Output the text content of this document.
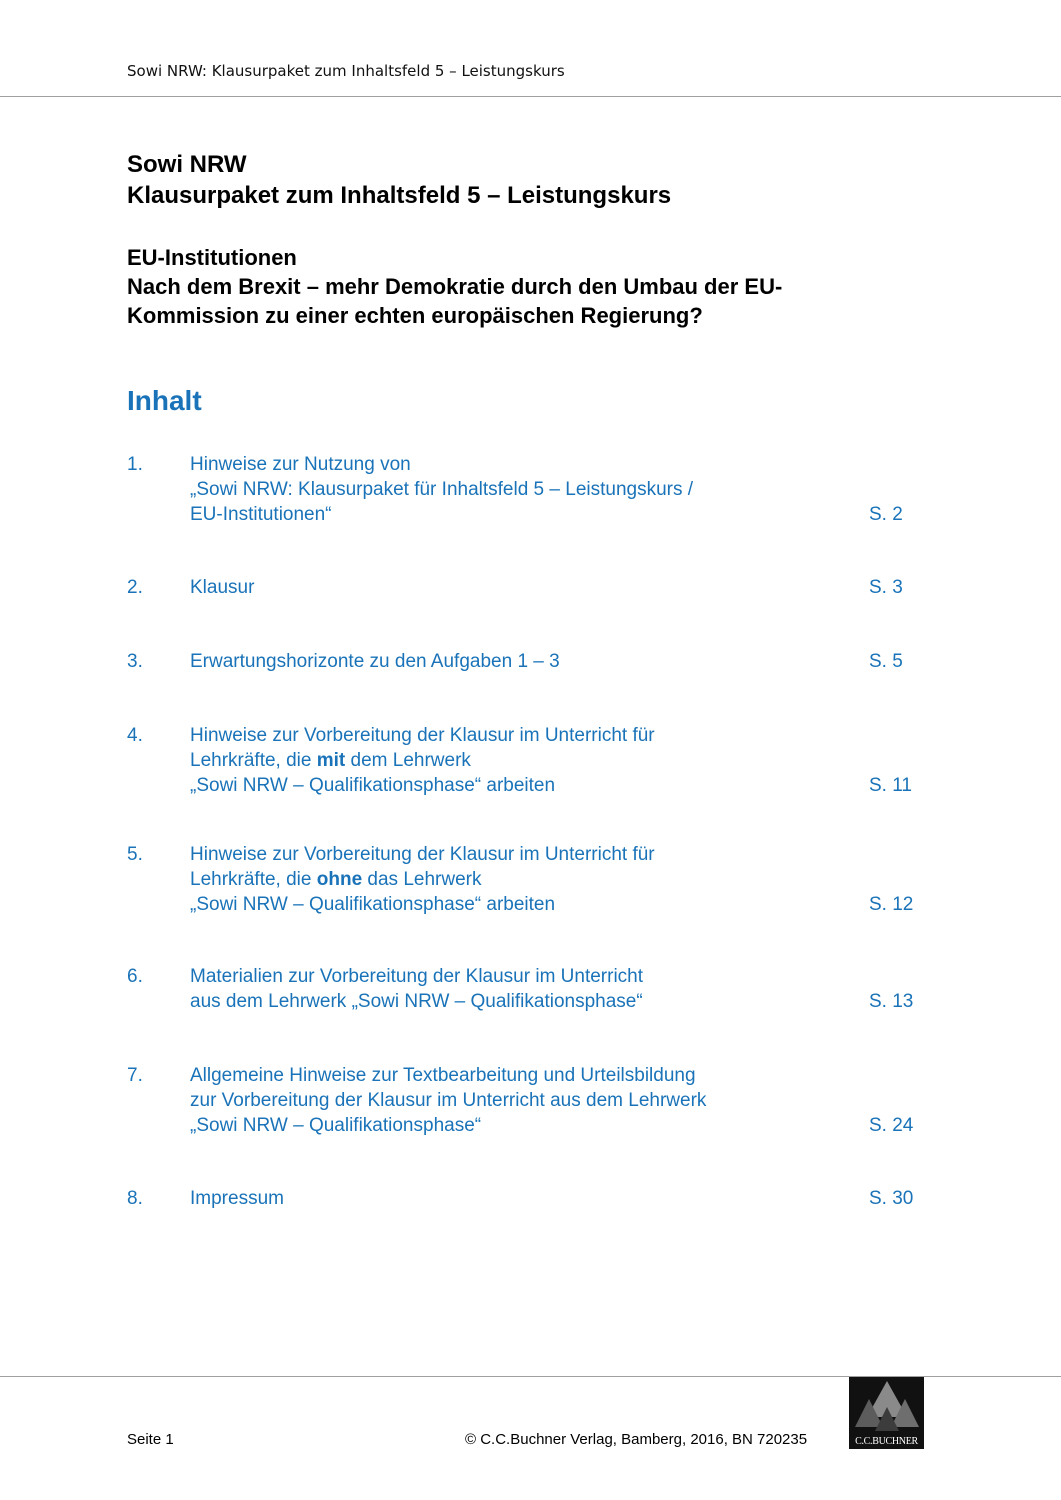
Sowi NRW: Klausurpaket zum Inhaltsfeld 5 – Leistungskurs
Sowi NRW
Klausurpaket zum Inhaltsfeld 5 – Leistungskurs
EU-Institutionen
Nach dem Brexit – mehr Demokratie durch den Umbau der EU-
Kommission zu einer echten europäischen Regierung?
Inhalt
1. Hinweise zur Nutzung von
„Sowi NRW: Klausurpaket für Inhaltsfeld 5 – Leistungskurs /
EU-Institutionen“	S. 2
2. Klausur	S. 3
3. Erwartungshorizonte zu den Aufgaben 1 – 3	S. 5
4. Hinweise zur Vorbereitung der Klausur im Unterricht für
Lehrkräfte, die mit dem Lehrwerk
„Sowi NRW – Qualifikationsphase“ arbeiten	S. 11
5. Hinweise zur Vorbereitung der Klausur im Unterricht für
Lehrkräfte, die ohne das Lehrwerk
„Sowi NRW – Qualifikationsphase“ arbeiten	S. 12
6. Materialien zur Vorbereitung der Klausur im Unterricht
aus dem Lehrwerk „Sowi NRW – Qualifikationsphase“	S. 13
7. Allgemeine Hinweise zur Textbearbeitung und Urteilsbildung
zur Vorbereitung der Klausur im Unterricht aus dem Lehrwerk
„Sowi NRW – Qualifikationsphase“	S. 24
8. Impressum	S. 30
Seite 1	© C.C.Buchner Verlag, Bamberg, 2016, BN 720235	C.C.BUCHNER
